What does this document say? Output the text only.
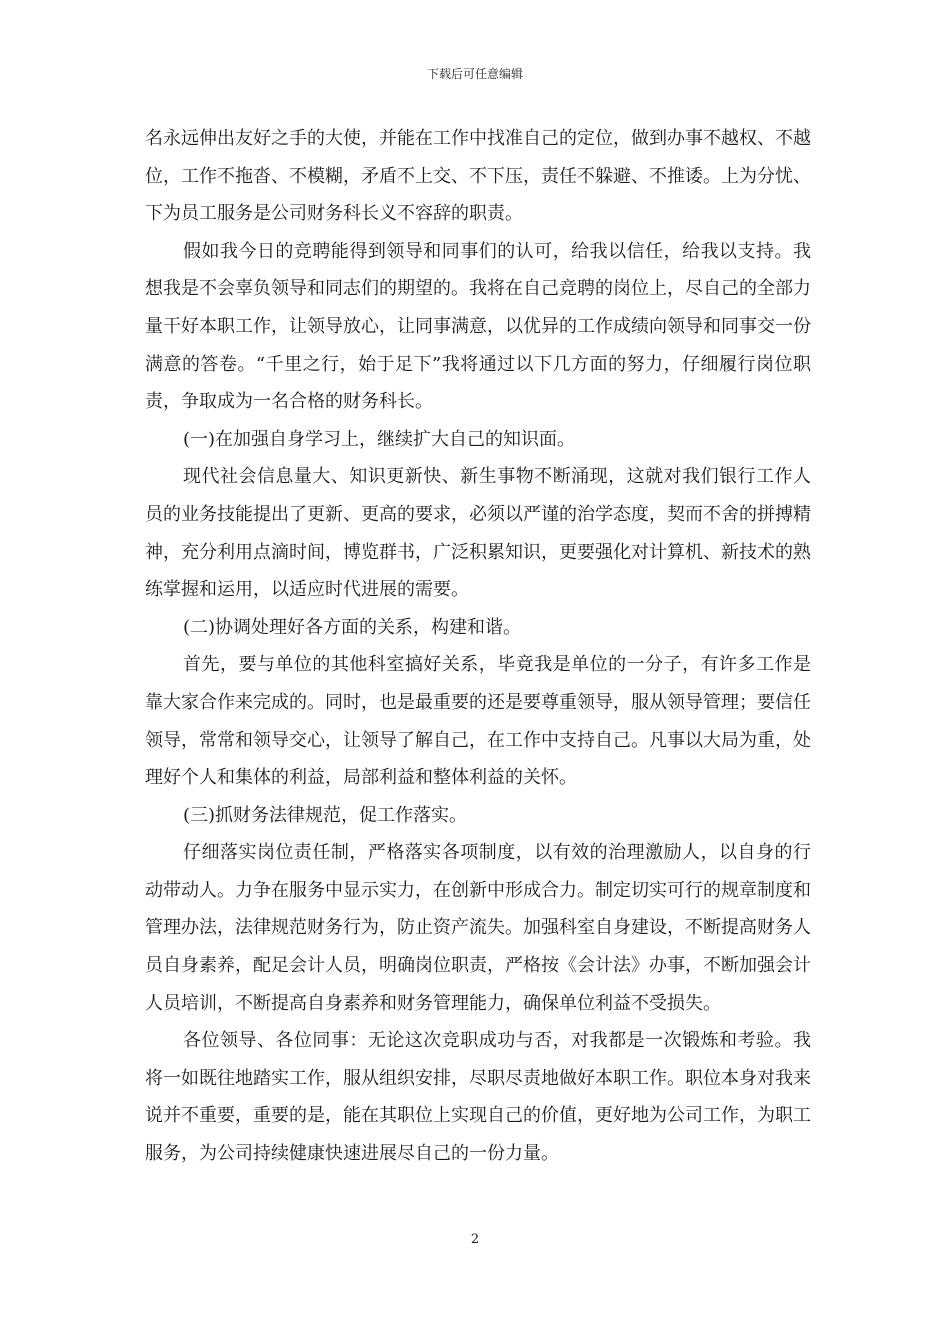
下载后可任意编辑

名永远伸出友好之手的大使，并能在工作中找准自己的定位，做到办事不越权、不越位，工作不拖沓、不模糊，矛盾不上交、不下压，责任不躲避、不推诿。上为分忧、下为员工服务是公司财务科长义不容辞的职责。

假如我今日的竞聘能得到领导和同事们的认可，给我以信任，给我以支持。我想我是不会辜负领导和同志们的期望的。我将在自己竞聘的岗位上，尽自己的全部力量干好本职工作，让领导放心，让同事满意，以优异的工作成绩向领导和同事交一份满意的答卷。“千里之行，始于足下”我将通过以下几方面的努力，仔细履行岗位职责，争取成为一名合格的财务科长。

(一)在加强自身学习上，继续扩大自己的知识面。

现代社会信息量大、知识更新快、新生事物不断涌现，这就对我们银行工作人员的业务技能提出了更新、更高的要求，必须以严谨的治学态度，契而不舍的拼搏精神，充分利用点滴时间，博览群书，广泛积累知识，更要强化对计算机、新技术的熟练掌握和运用，以适应时代进展的需要。

(二)协调处理好各方面的关系，构建和谐。

首先，要与单位的其他科室搞好关系，毕竟我是单位的一分子，有许多工作是靠大家合作来完成的。同时，也是最重要的还是要尊重领导，服从领导管理；要信任领导，常常和领导交心，让领导了解自己，在工作中支持自己。凡事以大局为重，处理好个人和集体的利益，局部利益和整体利益的关怀。

(三)抓财务法律规范，促工作落实。

仔细落实岗位责任制，严格落实各项制度，以有效的治理激励人，以自身的行动带动人。力争在服务中显示实力，在创新中形成合力。制定切实可行的规章制度和管理办法，法律规范财务行为，防止资产流失。加强科室自身建设，不断提高财务人员自身素养，配足会计人员，明确岗位职责，严格按《会计法》办事，不断加强会计人员培训，不断提高自身素养和财务管理能力，确保单位利益不受损失。

各位领导、各位同事：无论这次竞职成功与否，对我都是一次锻炼和考验。我将一如既往地踏实工作，服从组织安排，尽职尽责地做好本职工作。职位本身对我来说并不重要，重要的是，能在其职位上实现自己的价值，更好地为公司工作，为职工服务，为公司持续健康快速进展尽自己的一份力量。

2
